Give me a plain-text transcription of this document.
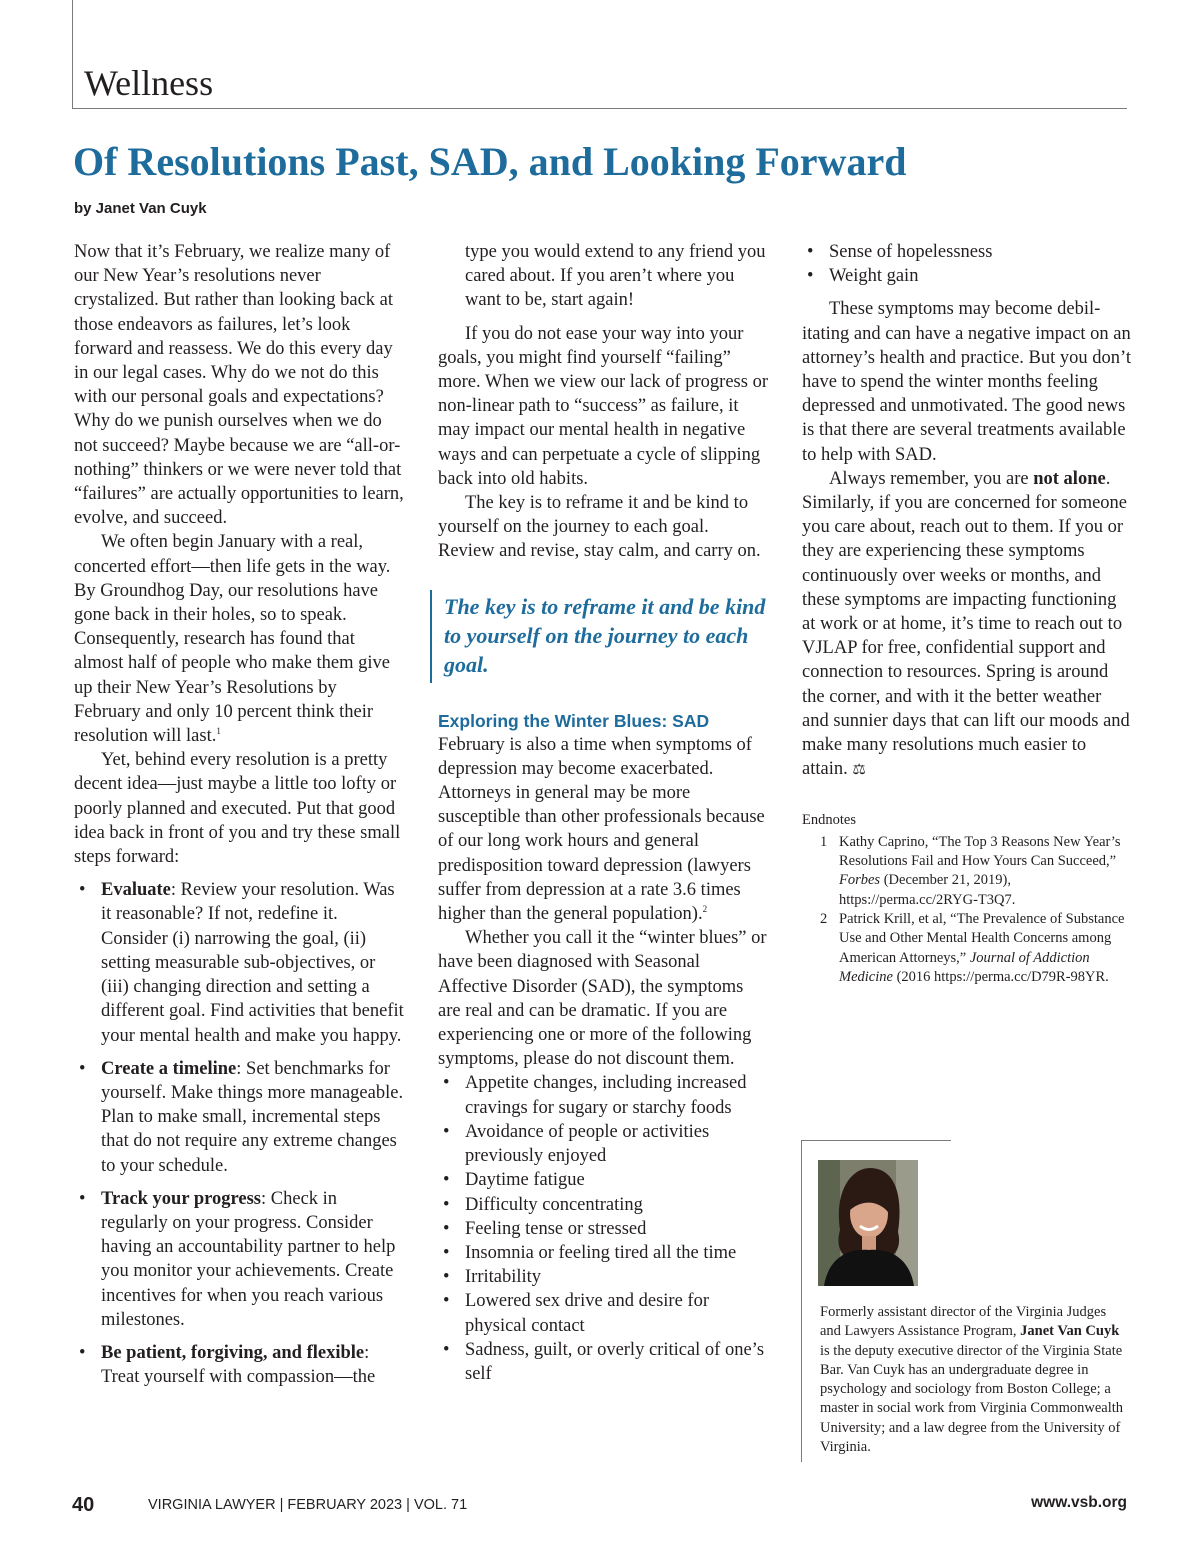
Wellness
Of Resolutions Past, SAD, and Looking Forward
by Janet Van Cuyk

Now that it’s February, we realize many of our New Year’s resolutions never crystalized. But rather than looking back at those endeavors as failures, let’s look forward and reassess. We do this every day in our legal cases. Why do we not do this with our personal goals and expectations? Why do we punish ourselves when we do not succeed? Maybe because we are “all-or-nothing” thinkers or we were never told that “failures” are actually opportunities to learn, evolve, and succeed.

We often begin January with a real, concerted effort—then life gets in the way. By Groundhog Day, our resolutions have gone back in their holes, so to speak. Consequently, research has found that almost half of people who make them give up their New Year’s Resolutions by February and only 10 percent think their resolution will last.$^1$

Yet, behind every resolution is a pretty decent idea—just maybe a little too lofty or poorly planned and executed. Put that good idea back in front of you and try these small steps forward:

• Evaluate: Review your resolution. Was it reasonable? If not, redefine it. Consider (i) narrowing the goal, (ii) setting measurable sub-objectives, or (iii) changing direction and setting a different goal. Find activities that benefit your mental health and make you happy.
• Create a timeline: Set benchmarks for yourself. Make things more manageable. Plan to make small, incremental steps that do not require any extreme changes to your schedule.
• Track your progress: Check in regularly on your progress. Consider having an accountability partner to help you monitor your achievements. Create incentives for when you reach various milestones.
• Be patient, forgiving, and flexible: Treat yourself with compassion—the

type you would extend to any friend you cared about. If you aren’t where you want to be, start again!

If you do not ease your way into your goals, you might find yourself “failing” more. When we view our lack of progress or non-linear path to “success” as failure, it may impact our mental health in negative ways and can perpetuate a cycle of slipping back into old habits.

The key is to reframe it and be kind to yourself on the journey to each goal. Review and revise, stay calm, and carry on.

The key is to reframe it and be kind to yourself on the journey to each goal.
Exploring the Winter Blues: SAD

February is also a time when symptoms of depression may become exacerbated. Attorneys in general may be more susceptible than other professionals because of our long work hours and general predisposition toward depression (lawyers suffer from depression at a rate 3.6 times higher than the general population).$^2$

Whether you call it the “winter blues” or have been diagnosed with Seasonal Affective Disorder (SAD), the symptoms are real and can be dramatic. If you are experiencing one or more of the following symptoms, please do not discount them.

• Appetite changes, including increased cravings for sugary or starchy foods
• Avoidance of people or activities previously enjoyed
• Daytime fatigue
• Difficulty concentrating
• Feeling tense or stressed
• Insomnia or feeling tired all the time
• Irritability
• Lowered sex drive and desire for physical contact
• Sadness, guilt, or overly critical of one’s self
• Sense of hopelessness
• Weight gain

These symptoms may become debilitating and can have a negative impact on an attorney’s health and practice. But you don’t have to spend the winter months feeling depressed and unmotivated. The good news is that there are several treatments available to help with SAD.

Always remember, you are not alone. Similarly, if you are concerned for someone you care about, reach out to them. If you or they are experiencing these symptoms continuously over weeks or months, and these symptoms are impacting functioning at work or at home, it’s time to reach out to VJLAP for free, confidential support and connection to resources. Spring is around the corner, and with it the better weather and sunnier days that can lift our moods and make many resolutions much easier to attain. ⚖

Endnotes
1 Kathy Caprino, “The Top 3 Reasons New Year’s Resolutions Fail and How Yours Can Succeed,” Forbes (December 21, 2019), https://perma.cc/2RYG-T3Q7.
2 Patrick Krill, et al, “The Prevalence of Substance Use and Other Mental Health Concerns among American Attorneys,” Journal of Addiction Medicine (2016 https://perma.cc/D79R-98YR.
Formerly assistant director of the Virginia Judges and Lawyers Assistance Program, Janet Van Cuyk is the deputy executive director of the Virginia State Bar. Van Cuyk has an undergraduate degree in psychology and sociology from Boston College; a master in social work from Virginia Commonwealth University; and a law degree from the University of Virginia.
40	VIRGINIA LAWYER | FEBRUARY 2023 | VOL. 71	www.vsb.org
